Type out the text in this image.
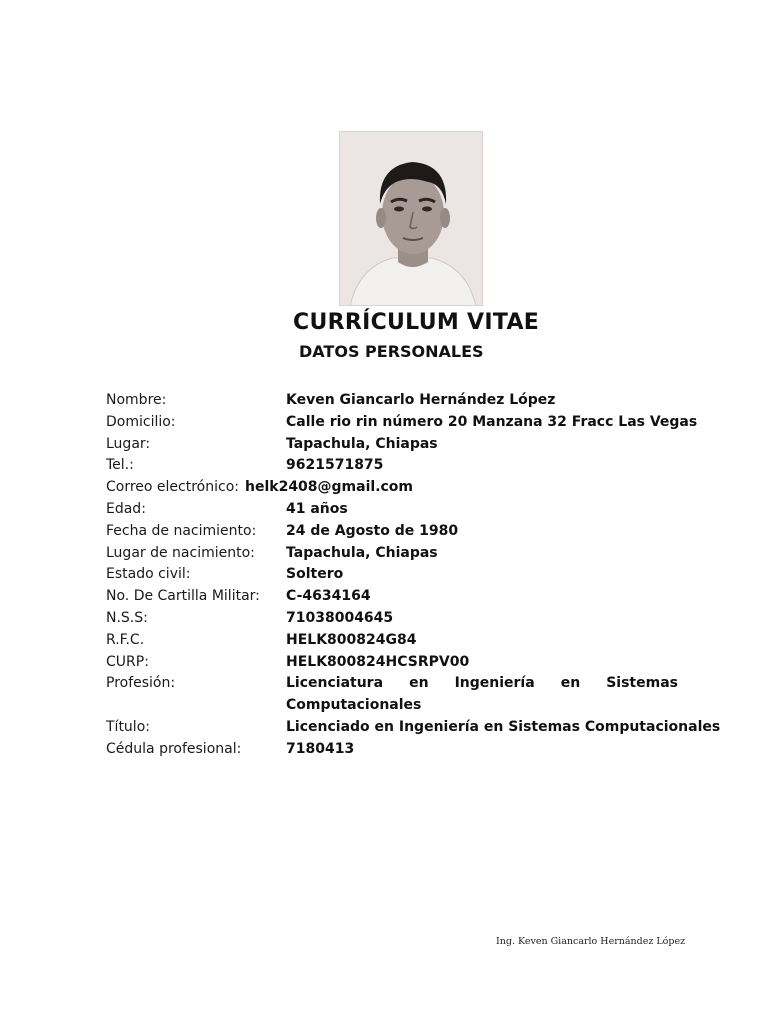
CURRÍCULUM VITAE
DATOS PERSONALES
Nombre:	Keven Giancarlo Hernández López
Domicilio:	Calle rio rin número 20 Manzana 32 Fracc Las Vegas
Lugar:	Tapachula, Chiapas
Tel.:	9621571875
Correo electrónico: helk2408@gmail.com
Edad:	41 años
Fecha de nacimiento:	24 de Agosto de 1980
Lugar de nacimiento:	Tapachula, Chiapas
Estado civil:	Soltero
No. De Cartilla Militar:	C-4634164
N.S.S:	71038004645
R.F.C.	HELK800824G84
CURP:	HELK800824HCSRPV00
Profesión:	Licenciatura en Ingeniería en Sistemas Computacionales
Título:	Licenciado en Ingeniería en Sistemas Computacionales
Cédula profesional:	7180413
Ing. Keven Giancarlo Hernández López
